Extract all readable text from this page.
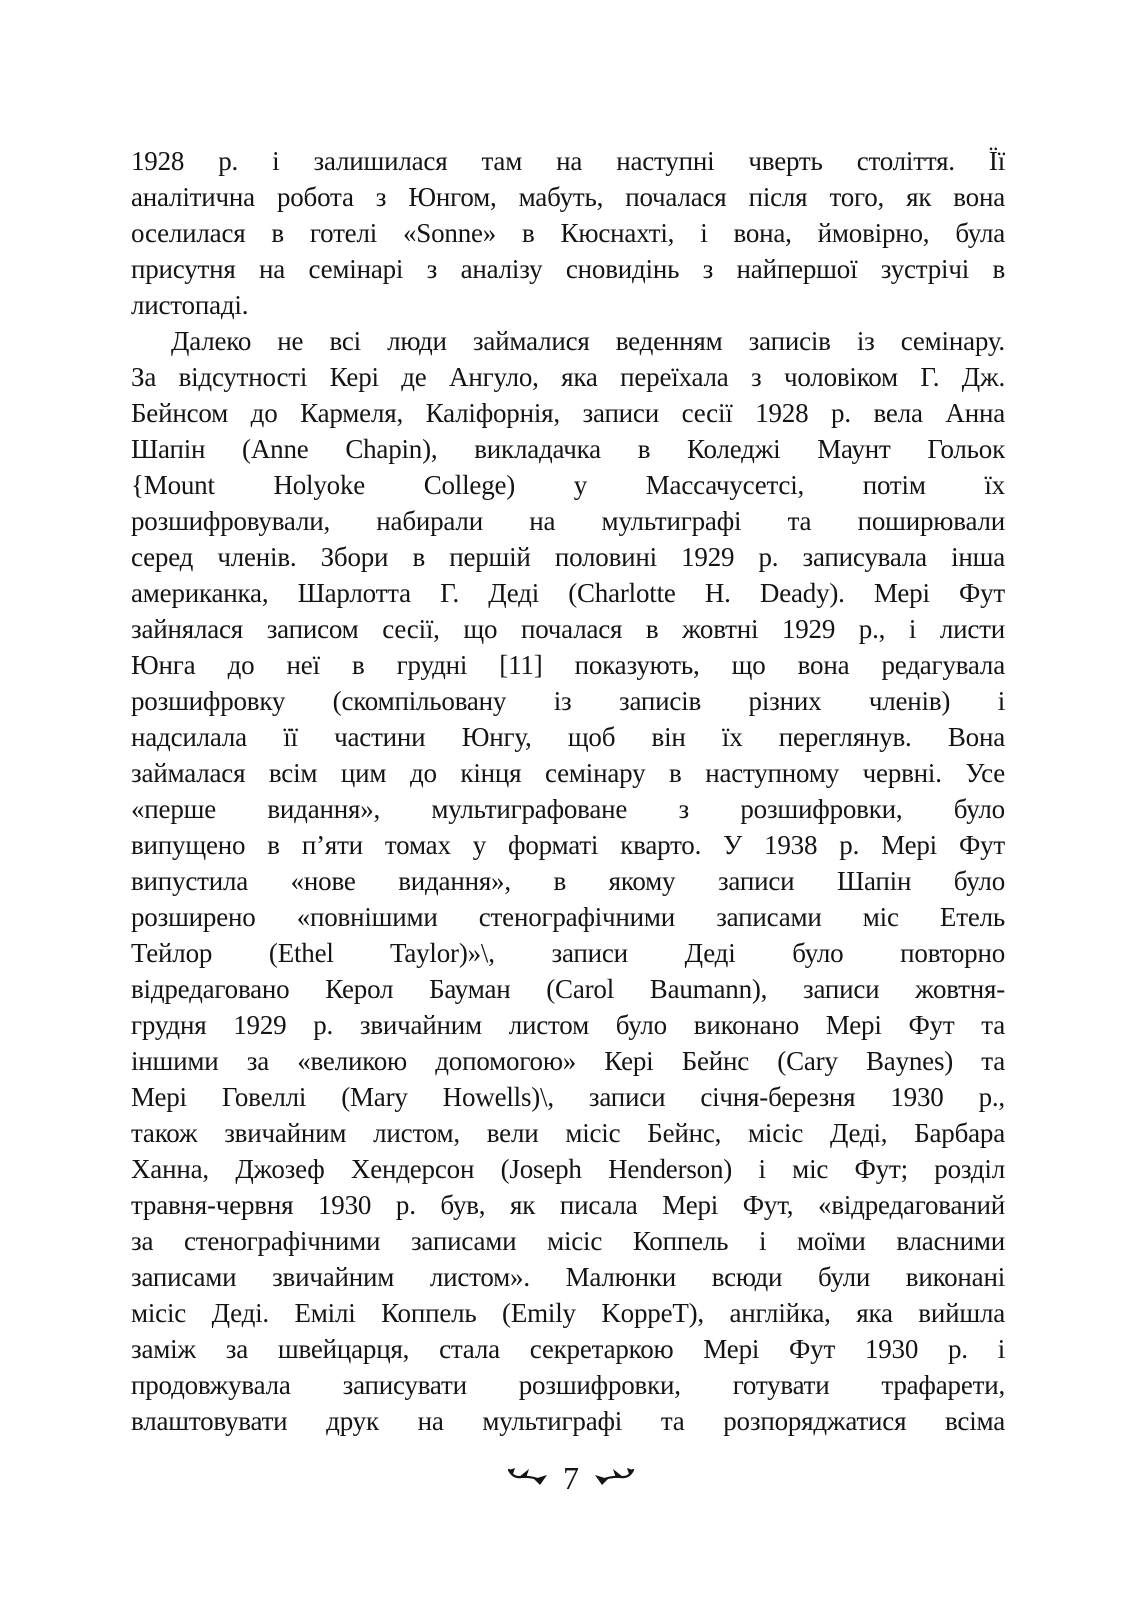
1928 р. і залишилася там на наступні чверть століття. Її
аналітична робота з Юнгом, мабуть, почалася після того, як вона
оселилася в готелі «Sonne» в Кюснахті, і вона, ймовірно, була
присутня на семінарі з аналізу сновидінь з найпершої зустрічі в
листопаді.
Далеко не всі люди займалися веденням записів із семінару.
За відсутності Кері де Ангуло, яка переїхала з чоловіком Г. Дж.
Бейнсом до Кармеля, Каліфорнія, записи сесії 1928 р. вела Анна
Шапін (Anne Chapin), викладачка в Коледжі Маунт Гольок
{Mount Holyoke College) у Массачусетсі, потім їх
розшифровували, набирали на мультиграфі та поширювали
серед членів. Збори в першій половині 1929 р. записувала інша
американка, Шарлотта Г. Деді (Charlotte H. Deady). Мері Фут
зайнялася записом сесії, що почалася в жовтні 1929 р., і листи
Юнга до неї в грудні [11] показують, що вона редагувала
розшифровку (скомпільовану із записів різних членів) і
надсилала її частини Юнгу, щоб він їх переглянув. Вона
займалася всім цим до кінця семінару в наступному червні. Усе
«перше видання», мультиграфоване з розшифровки, було
випущено в п’яти томах у форматі кварто. У 1938 р. Мері Фут
випустила «нове видання», в якому записи Шапін було
розширено «повнішими стенографічними записами міс Етель
Тейлор (Ethel Taylor)»\, записи Деді було повторно
відредаговано Керол Бауман (Carol Baumann), записи жовтня-
грудня 1929 р. звичайним листом було виконано Мері Фут та
іншими за «великою допомогою» Кері Бейнс (Cary Baynes) та
Мері Говеллі (Mary Howells)\, записи січня-березня 1930 р.,
також звичайним листом, вели місіс Бейнс, місіс Деді, Барбара
Ханна, Джозеф Хендерсон (Joseph Henderson) і міс Фут; розділ
травня-червня 1930 р. був, як писала Мері Фут, «відредагований
за стенографічними записами місіс Коппель і моїми власними
записами звичайним листом». Малюнки всюди були виконані
місіс Деді. Емілі Коппель (Emily KoppeT), англійка, яка вийшла
заміж за швейцарця, стала секретаркою Мері Фут 1930 р. і
продовжувала записувати розшифровки, готувати трафарети,
влаштовувати друк на мультиграфі та розпоряджатися всіма
7
